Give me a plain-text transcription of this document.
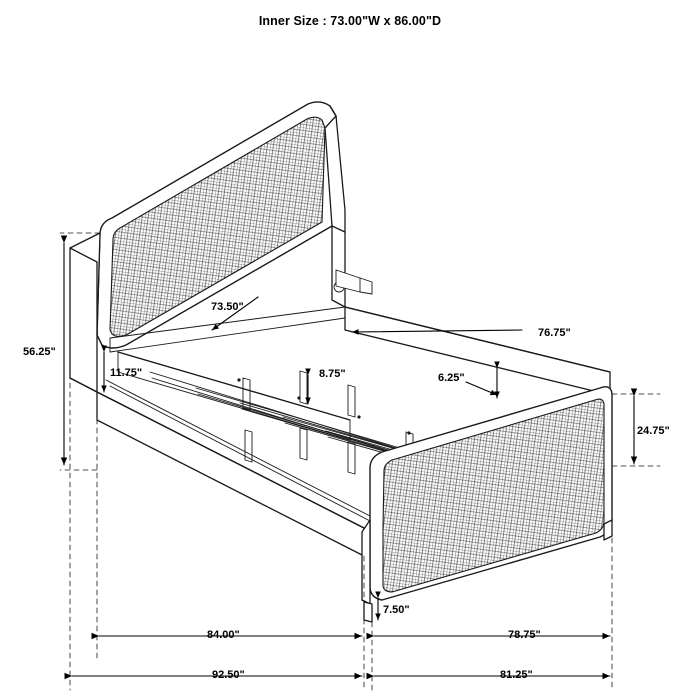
Inner Size : 73.00"W x 86.00"D
73.50"
76.75"
56.25"
11.75"	8.75"	6.25"
24.75"
7.50"
84.00"	78.75"
92.50"	81.25"
